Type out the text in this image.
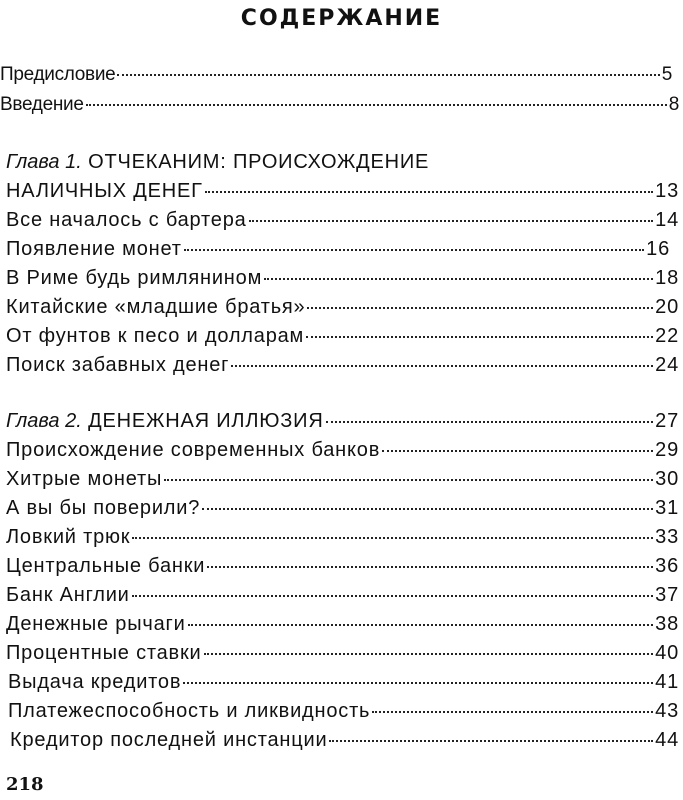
СОДЕРЖАНИЕ
Предисловие	5
Введение	8
Глава 1. ОТЧЕКАНИМ: ПРОИСХОЖДЕНИЕ
НАЛИЧНЫХ ДЕНЕГ	13
Все началось с бартера	14
Появление монет	16
В Риме будь римлянином	18
Китайские «младшие братья»	20
От фунтов к песо и долларам	22
Поиск забавных денег	24
Глава 2. ДЕНЕЖНАЯ ИЛЛЮЗИЯ	27
Происхождение современных банков	29
Хитрые монеты	30
А вы бы поверили?	31
Ловкий трюк	33
Центральные банки	36
Банк Англии	37
Денежные рычаги	38
Процентные ставки	40
Выдача кредитов	41
Платежеспособность и ликвидность	43
Кредитор последней инстанции	44
218
